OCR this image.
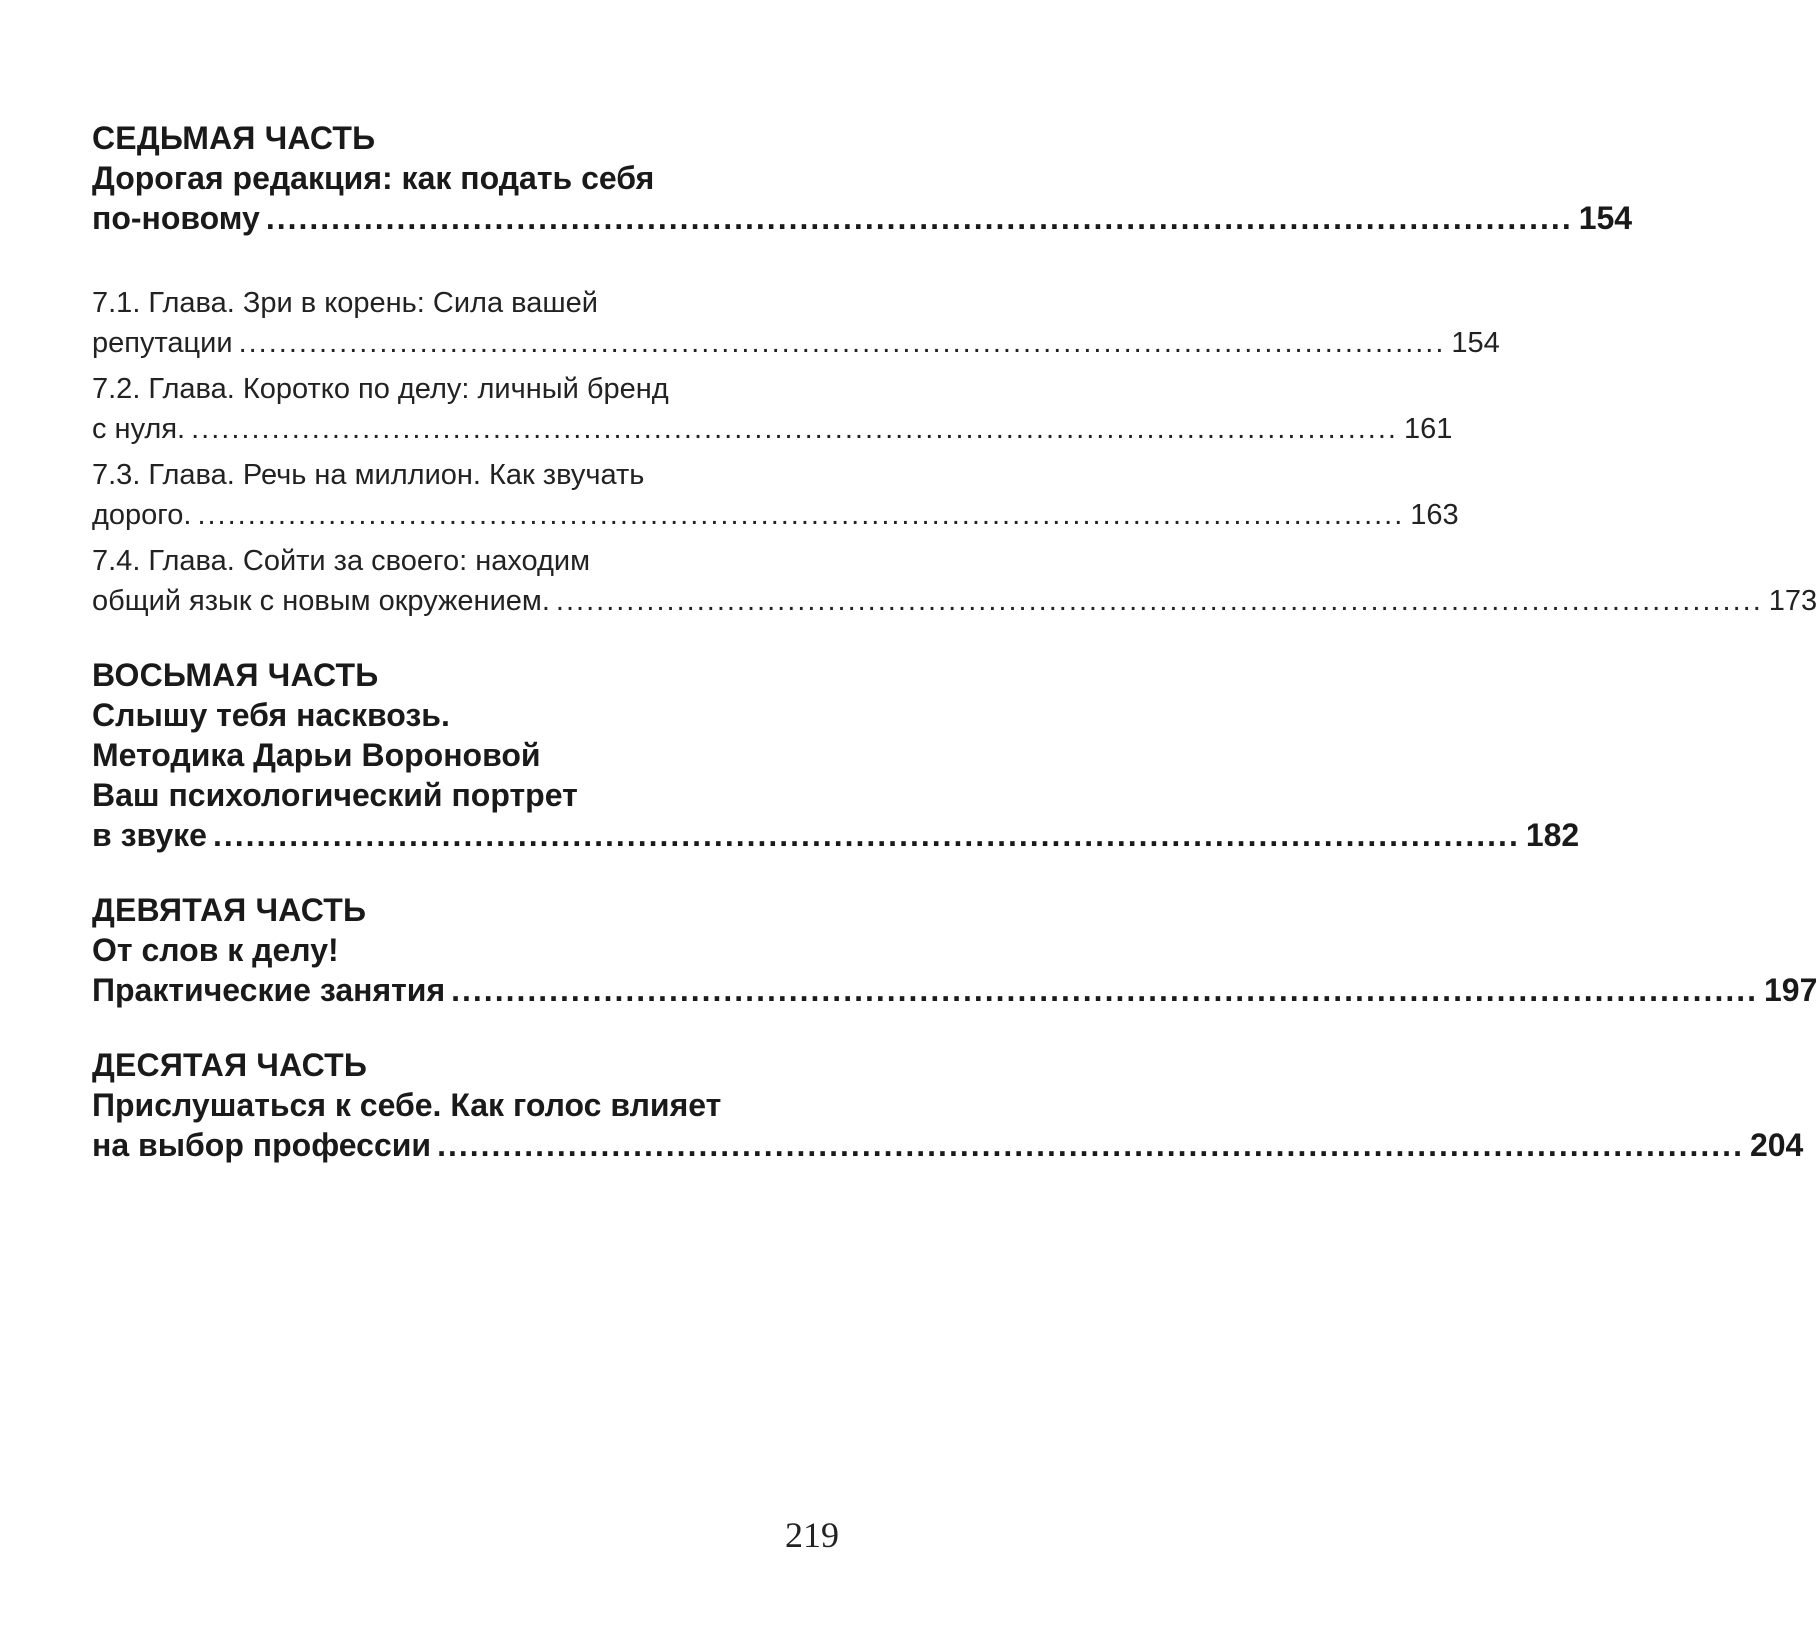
СЕДЬМАЯ ЧАСТЬ

Дорогая редакция: как подать себя

по-новому ........................................................................................................................ 154

7.1. Глава. Зри в корень: Сила вашей

репутации ........................................................................................................................ 154

7.2. Глава. Коротко по делу: личный бренд

с нуля. ........................................................................................................................ 161

7.3. Глава. Речь на миллион. Как звучать

дорого. ........................................................................................................................ 163

7.4. Глава. Сойти за своего: находим

общий язык с новым окружением. ........................................................................................................................ 173

ВОСЬМАЯ ЧАСТЬ

Слышу тебя насквозь.

Методика Дарьи Вороновой

Ваш психологический портрет

в звуке ........................................................................................................................ 182

ДЕВЯТАЯ ЧАСТЬ

От слов к делу!

Практические занятия ........................................................................................................................ 197

ДЕСЯТАЯ ЧАСТЬ

Прислушаться к себе. Как голос влияет

на выбор профессии ........................................................................................................................ 204

219
